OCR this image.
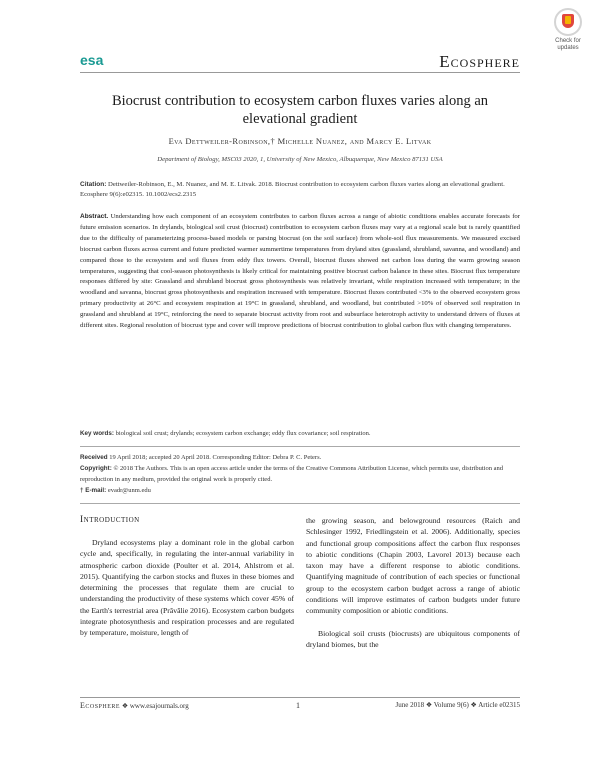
esa	Ecosphere
Check for
updates
Biocrust contribution to ecosystem carbon fluxes varies along an elevational gradient
Eva Dettweiler-Robinson,† Michelle Nuanez, and Marcy E. Litvak
Department of Biology, MSC03 2020, 1, University of New Mexico, Albuquerque, New Mexico 87131 USA
Citation: Dettweiler-Robinson, E., M. Nuanez, and M. E. Litvak. 2018. Biocrust contribution to ecosystem carbon fluxes varies along an elevational gradient. Ecosphere 9(6):e02315. 10.1002/ecs2.2315
Abstract. Understanding how each component of an ecosystem contributes to carbon fluxes across a range of abiotic conditions enables accurate forecasts for future emission scenarios. In drylands, biological soil crust (biocrust) contribution to ecosystem carbon fluxes may vary at a regional scale but is rarely quantified due to the difficulty of parameterizing process-based models or parsing biocrust (on the soil surface) from whole-soil flux measurements. We measured excised biocrust carbon fluxes across current and future predicted warmer summertime temperatures from dryland sites (grassland, shrubland, savanna, and woodland) and compared those to the ecosystem and soil fluxes from eddy flux towers. Overall, biocrust fluxes showed net carbon loss during the warm growing season temperatures, suggesting that cool-season photosynthesis is likely critical for maintaining positive biocrust carbon balance in these sites. Biocrust flux temperature responses differed by site: Grassland and shrubland biocrust gross photosynthesis was relatively invariant, while respiration increased with temperature; in the woodland and savanna, biocrust gross photosynthesis and respiration increased with temperature. Biocrust fluxes contributed <3% to the observed ecosystem gross primary productivity at 26°C and ecosystem respiration at 19°C in grassland, shrubland, and woodland, but contributed >10% of observed soil respiration in grassland and shrubland at 19°C, reinforcing the need to separate biocrust activity from root and subsurface heterotroph activity to understand drivers of fluxes at different sites. Regional resolution of biocrust type and cover will improve predictions of biocrust contribution to global carbon flux with changing temperatures.
Key words: biological soil crust; drylands; ecosystem carbon exchange; eddy flux covariance; soil respiration.
Received 19 April 2018; accepted 20 April 2018. Corresponding Editor: Debra P. C. Peters.
Copyright: © 2018 The Authors. This is an open access article under the terms of the Creative Commons Attribution License, which permits use, distribution and reproduction in any medium, provided the original work is properly cited.
† E-mail: evadr@unm.edu
Introduction
Dryland ecosystems play a dominant role in the global carbon cycle and, specifically, in regulating the inter-annual variability in atmospheric carbon dioxide (Poulter et al. 2014, Ahlstrom et al. 2015). Quantifying the carbon stocks and fluxes in these biomes and determining the processes that regulate them are crucial to understanding the productivity of these systems which cover 45% of the Earth's terrestrial area (Prăvălie 2016). Ecosystem carbon budgets integrate photosynthesis and respiration processes and are regulated by temperature, moisture, length of
the growing season, and belowground resources (Raich and Schlesinger 1992, Friedlingstein et al. 2006). Additionally, species and functional group compositions affect the carbon flux responses to abiotic conditions (Chapin 2003, Lavorel 2013) because each taxon may have a different response to abiotic conditions. Quantifying magnitude of contribution of each species or functional group to the ecosystem carbon budget across a range of abiotic conditions will improve estimates of carbon budgets under future community composition or abiotic conditions.
Biological soil crusts (biocrusts) are ubiquitous components of dryland biomes, but the
Ecosphere ❖ www.esajournals.org	1	June 2018 ❖ Volume 9(6) ❖ Article e02315
